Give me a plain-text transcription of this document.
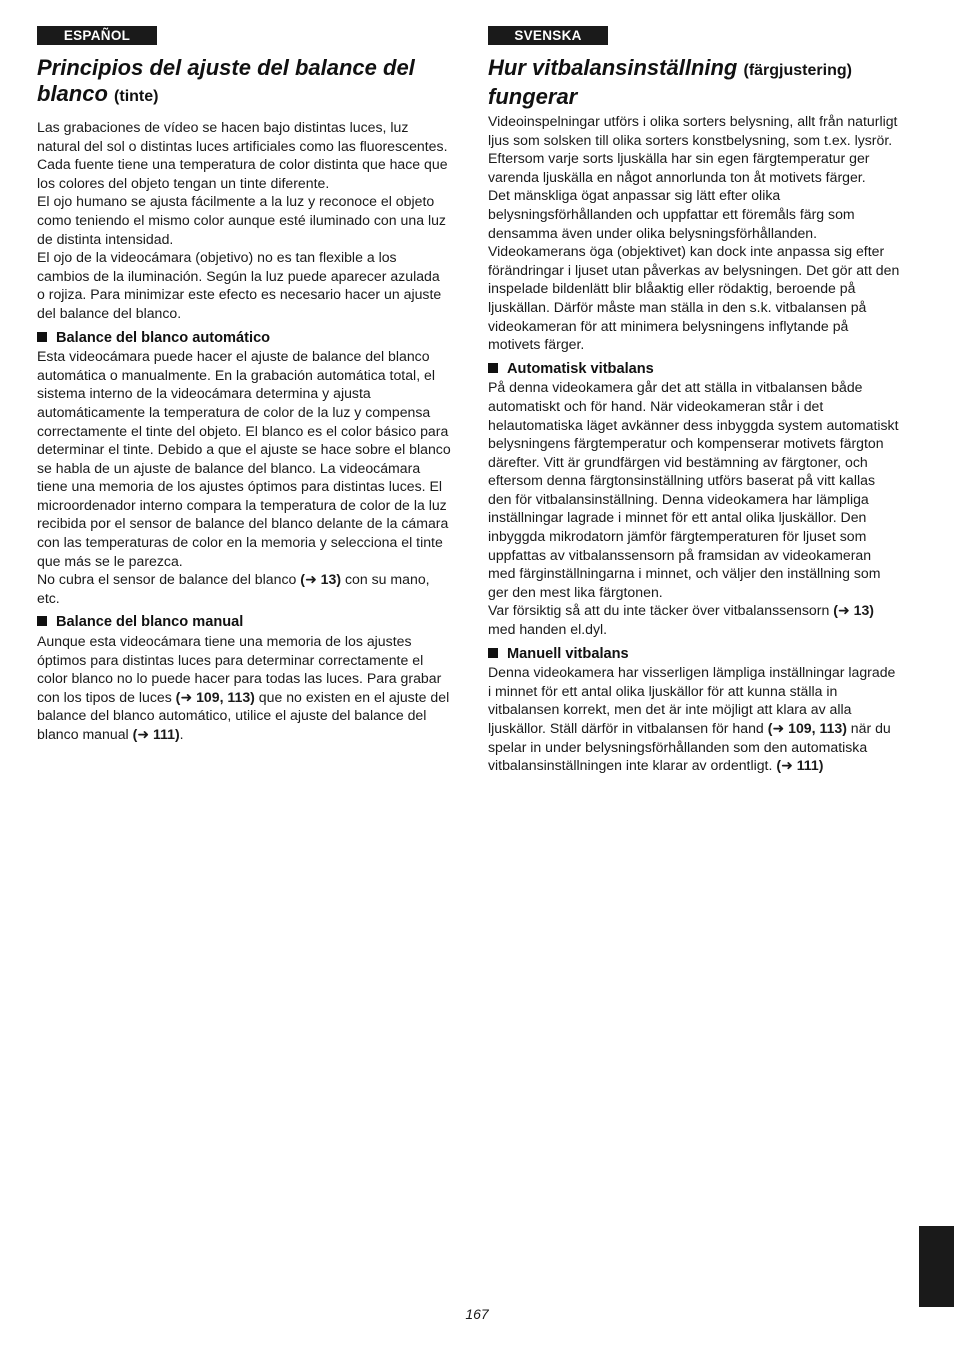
ESPAÑOL
Principios del ajuste del balance del blanco (tinte)

Las grabaciones de vídeo se hacen bajo distintas luces, luz natural del sol o distintas luces artificiales como las fluorescentes. Cada fuente tiene una temperatura de color distinta que hace que los colores del objeto tengan un tinte diferente.

El ojo humano se ajusta fácilmente a la luz y reconoce el objeto como teniendo el mismo color aunque esté iluminado con una luz de distinta intensidad.

El ojo de la videocámara (objetivo) no es tan flexible a los cambios de la iluminación. Según la luz puede aparecer azulada o rojiza. Para minimizar este efecto es necesario hacer un ajuste del balance del blanco.

Balance del blanco automático

Esta videocámara puede hacer el ajuste de balance del blanco automática o manualmente. En la grabación automática total, el sistema interno de la videocámara determina y ajusta automáticamente la temperatura de color de la luz y compensa correctamente el tinte del objeto. El blanco es el color básico para determinar el tinte. Debido a que el ajuste se hace sobre el blanco se habla de un ajuste de balance del blanco. La videocámara tiene una memoria de los ajustes óptimos para distintas luces. El microordenador interno compara la temperatura de color de la luz recibida por el sensor de balance del blanco delante de la cámara con las temperaturas de color en la memoria y selecciona el tinte que más se le parezca.

No cubra el sensor de balance del blanco (➜ 13) con su mano, etc.

Balance del blanco manual

Aunque esta videocámara tiene una memoria de los ajustes óptimos para distintas luces para determinar correctamente el color blanco no lo puede hacer para todas las luces. Para grabar con los tipos de luces (➜ 109, 113) que no existen en el ajuste del balance del blanco automático, utilice el ajuste del balance del blanco manual (➜ 111).

SVENSKA
Hur vitbalansinställning (färgjustering)
fungerar

Videoinspelningar utförs i olika sorters belysning, allt från naturligt ljus som solsken till olika sorters konstbelysning, som t.ex. lysrör. Eftersom varje sorts ljuskälla har sin egen färgtemperatur ger varenda ljuskälla en något annorlunda ton åt motivets färger.

Det mänskliga ögat anpassar sig lätt efter olika belysningsförhållanden och uppfattar ett föremåls färg som densamma även under olika belysningsförhållanden. Videokamerans öga (objektivet) kan dock inte anpassa sig efter förändringar i ljuset utan påverkas av belysningen. Det gör att den inspelade bildenlätt blir blåaktig eller rödaktig, beroende på ljuskällan. Därför måste man ställa in den s.k. vitbalansen på videokameran för att minimera belysningens inflytande på motivets färger.

Automatisk vitbalans

På denna videokamera går det att ställa in vitbalansen både automatiskt och för hand. När videokameran står i det helautomatiska läget avkänner dess inbyggda system automatiskt belysningens färgtemperatur och kompenserar motivets färgton därefter. Vitt är grundfärgen vid bestämning av färgtoner, och eftersom denna färgtonsinställning utförs baserat på vitt kallas den för vitbalansinställning. Denna videokamera har lämpliga inställningar lagrade i minnet för ett antal olika ljuskällor. Den inbyggda mikrodatorn jämför färgtemperaturen för ljuset som uppfattas av vitbalanssensorn på framsidan av videokameran med färginställningarna i minnet, och väljer den inställning som ger den mest lika färgtonen.

Var försiktig så att du inte täcker över vitbalanssensorn (➜ 13) med handen el.dyl.

Manuell vitbalans

Denna videokamera har visserligen lämpliga inställningar lagrade i minnet för ett antal olika ljuskällor för att kunna ställa in vitbalansen korrekt, men det är inte möjligt att klara av alla ljuskällor. Ställ därför in vitbalansen för hand (➜ 109, 113) när du spelar in under belysningsförhållanden som den automatiska vitbalansinställningen inte klarar av ordentligt. (➜ 111)

167
